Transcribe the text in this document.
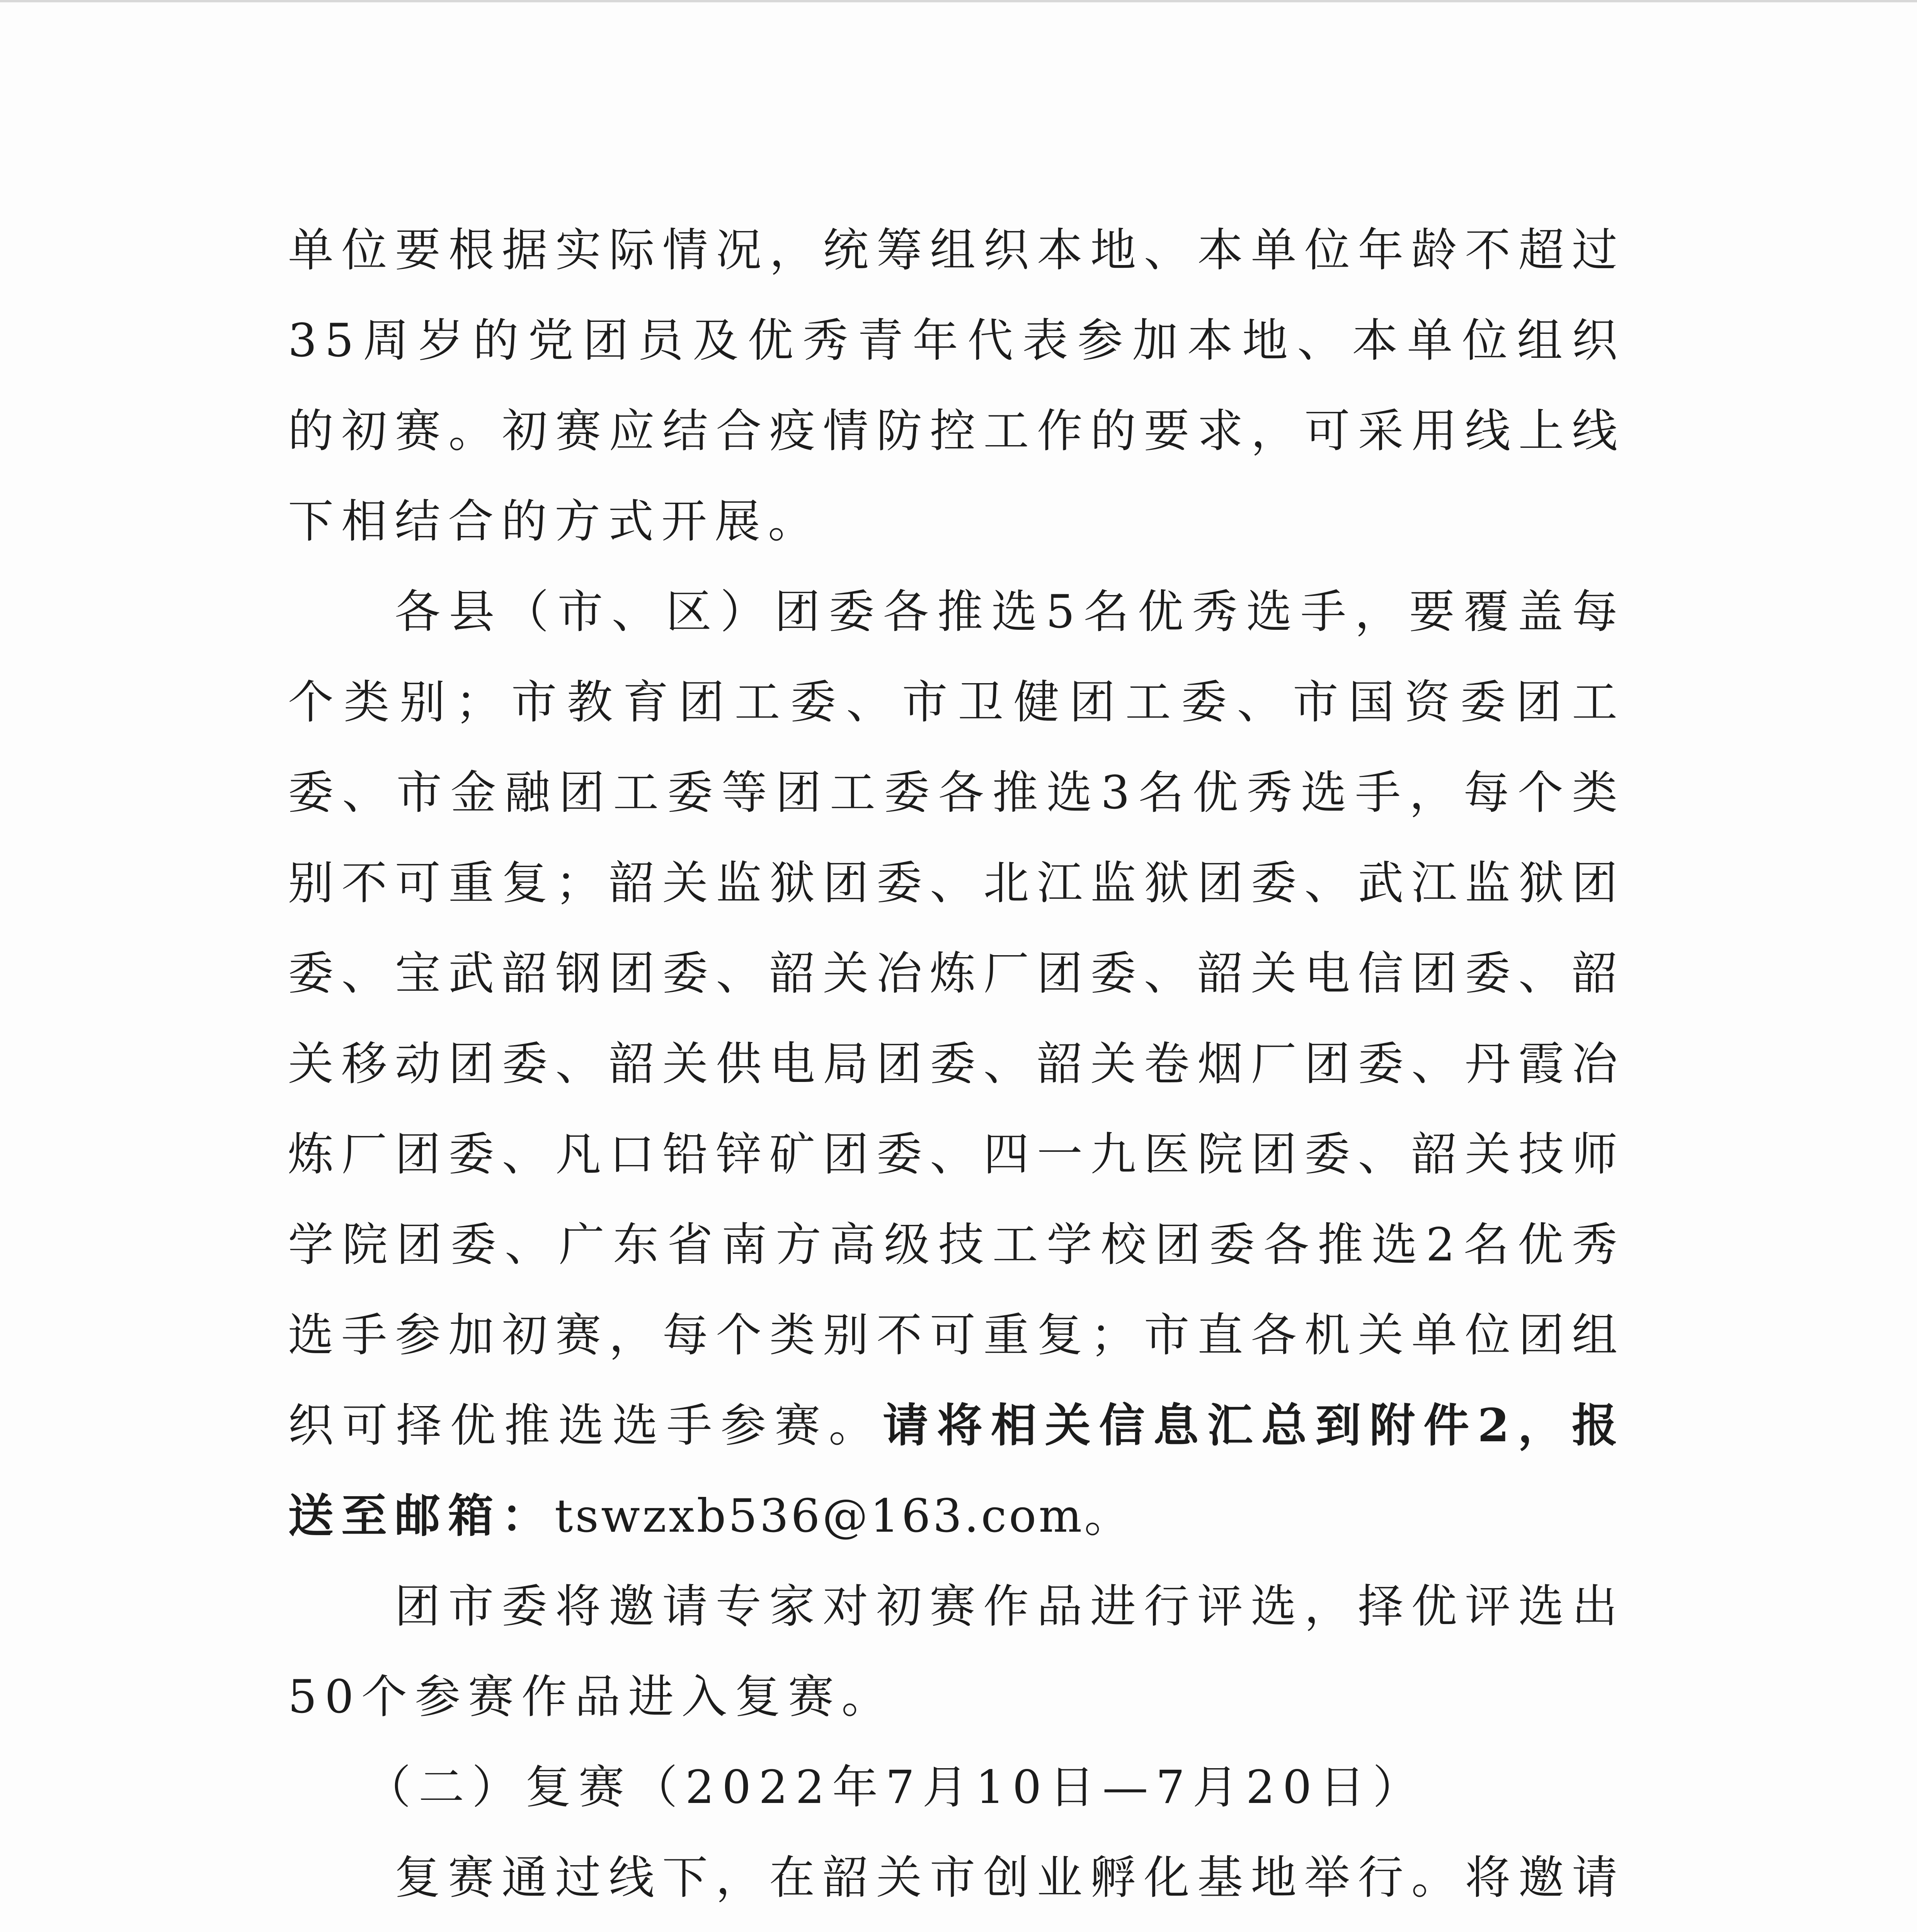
单位要根据实际情况，统筹组织本地、本单位年龄不超过35周岁的党团员及优秀青年代表参加本地、本单位组织的初赛。初赛应结合疫情防控工作的要求，可采用线上线下相结合的方式开展。

各县（市、区）团委各推选5名优秀选手，要覆盖每个类别；市教育团工委、市卫健团工委、市国资委团工委、市金融团工委等团工委各推选3名优秀选手，每个类别不可重复；韶关监狱团委、北江监狱团委、武江监狱团委、宝武韶钢团委、韶关冶炼厂团委、韶关电信团委、韶关移动团委、韶关供电局团委、韶关卷烟厂团委、丹霞冶炼厂团委、凡口铅锌矿团委、四一九医院团委、韶关技师学院团委、广东省南方高级技工学校团委各推选2名优秀选手参加初赛，每个类别不可重复；市直各机关单位团组织可择优推选选手参赛。请将相关信息汇总到附件2，报送至邮箱：tswzxb536@163.com。

团市委将邀请专家对初赛作品进行评选，择优评选出50个参赛作品进入复赛。

（二）复赛（2022年7月10日—7月20日）

复赛通过线下，在韶关市创业孵化基地举行。将邀请
